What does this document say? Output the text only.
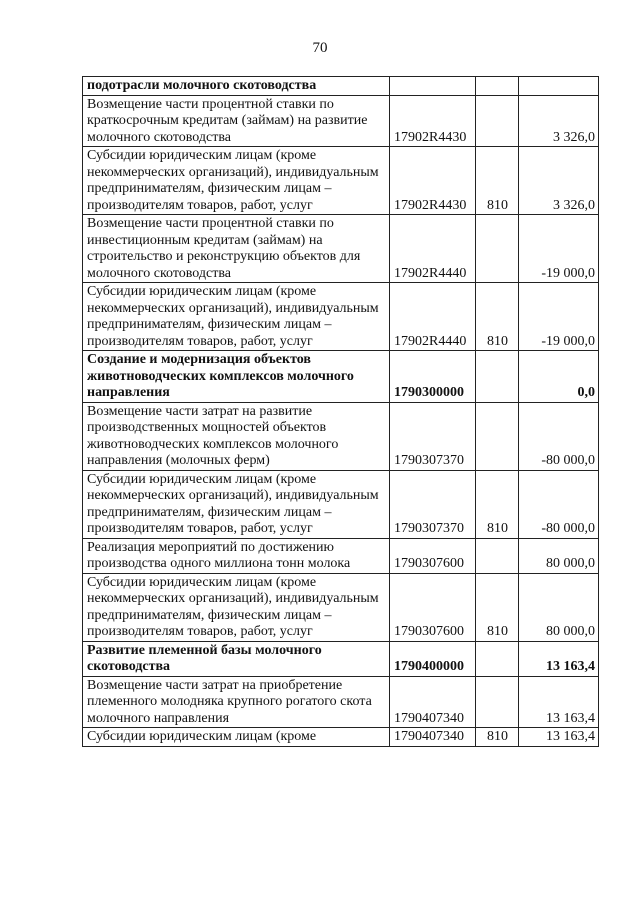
70
подотрасли молочного скотоводства			
Возмещение части процентной ставки по краткосрочным кредитам (займам) на развитие молочного скотоводства	17902R4430		3 326,0
Субсидии юридическим лицам (кроме некоммерческих организаций), индивидуальным предпринимателям, физическим лицам – производителям товаров, работ, услуг	17902R4430	810	3 326,0
Возмещение части процентной ставки по инвестиционным кредитам (займам) на строительство и реконструкцию объектов для молочного скотоводства	17902R4440		-19 000,0
Субсидии юридическим лицам (кроме некоммерческих организаций), индивидуальным предпринимателям, физическим лицам – производителям товаров, работ, услуг	17902R4440	810	-19 000,0
Создание и модернизация объектов животноводческих комплексов молочного направления	1790300000		0,0
Возмещение части затрат на развитие производственных мощностей объектов животноводческих комплексов молочного направления (молочных ферм)	1790307370		-80 000,0
Субсидии юридическим лицам (кроме некоммерческих организаций), индивидуальным предпринимателям, физическим лицам – производителям товаров, работ, услуг	1790307370	810	-80 000,0
Реализация мероприятий по достижению производства одного миллиона тонн молока	1790307600		80 000,0
Субсидии юридическим лицам (кроме некоммерческих организаций), индивидуальным предпринимателям, физическим лицам – производителям товаров, работ, услуг	1790307600	810	80 000,0
Развитие племенной базы молочного скотоводства	1790400000		13 163,4
Возмещение части затрат на приобретение племенного молодняка крупного рогатого скота молочного направления	1790407340		13 163,4
Субсидии юридическим лицам (кроме	1790407340	810	13 163,4
